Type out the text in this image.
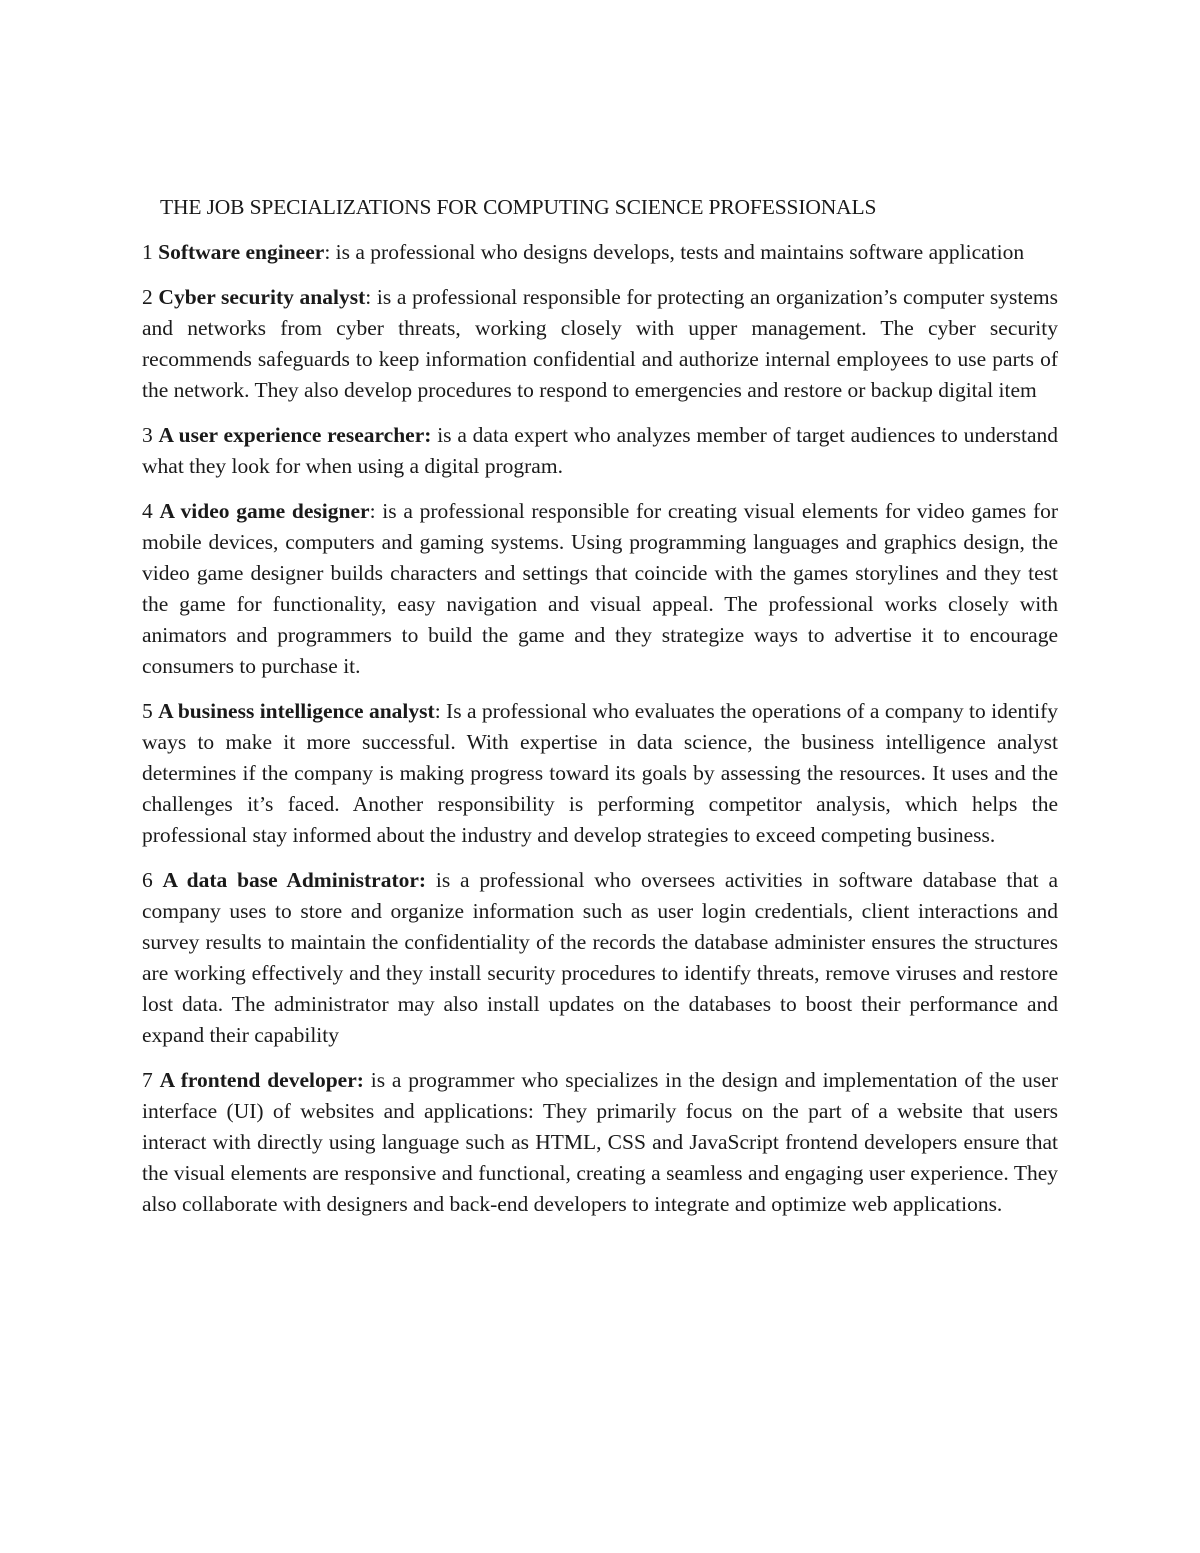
THE JOB SPECIALIZATIONS FOR COMPUTING SCIENCE PROFESSIONALS

1 Software engineer: is a professional who designs develops, tests and maintains software application

2 Cyber security analyst: is a professional responsible for protecting an organization’s computer systems and networks from cyber threats, working closely with upper management. The cyber security recommends safeguards to keep information confidential and authorize internal employees to use parts of the network. They also develop procedures to respond to emergencies and restore or backup digital item

3 A user experience researcher: is a data expert who analyzes member of target audiences to understand what they look for when using a digital program.

4 A video game designer: is a professional responsible for creating visual elements for video games for mobile devices, computers and gaming systems. Using programming languages and graphics design, the video game designer builds characters and settings that coincide with the games storylines and they test the game for functionality, easy navigation and visual appeal. The professional works closely with animators and programmers to build the game and they strategize ways to advertise it to encourage consumers to purchase it.

5 A business intelligence analyst: Is a professional who evaluates the operations of a company to identify ways to make it more successful. With expertise in data science, the business intelligence analyst determines if the company is making progress toward its goals by assessing the resources. It uses and the challenges it’s faced. Another responsibility is performing competitor analysis, which helps the professional stay informed about the industry and develop strategies to exceed competing business.

6 A data base Administrator: is a professional who oversees activities in software database that a company uses to store and organize information such as user login credentials, client interactions and survey results to maintain the confidentiality of the records the database administer ensures the structures are working effectively and they install security procedures to identify threats, remove viruses and restore lost data. The administrator may also install updates on the databases to boost their performance and expand their capability

7 A frontend developer: is a programmer who specializes in the design and implementation of the user interface (UI) of websites and applications: They primarily focus on the part of a website that users interact with directly using language such as HTML, CSS and JavaScript frontend developers ensure that the visual elements are responsive and functional, creating a seamless and engaging user experience. They also collaborate with designers and back-end developers to integrate and optimize web applications.
